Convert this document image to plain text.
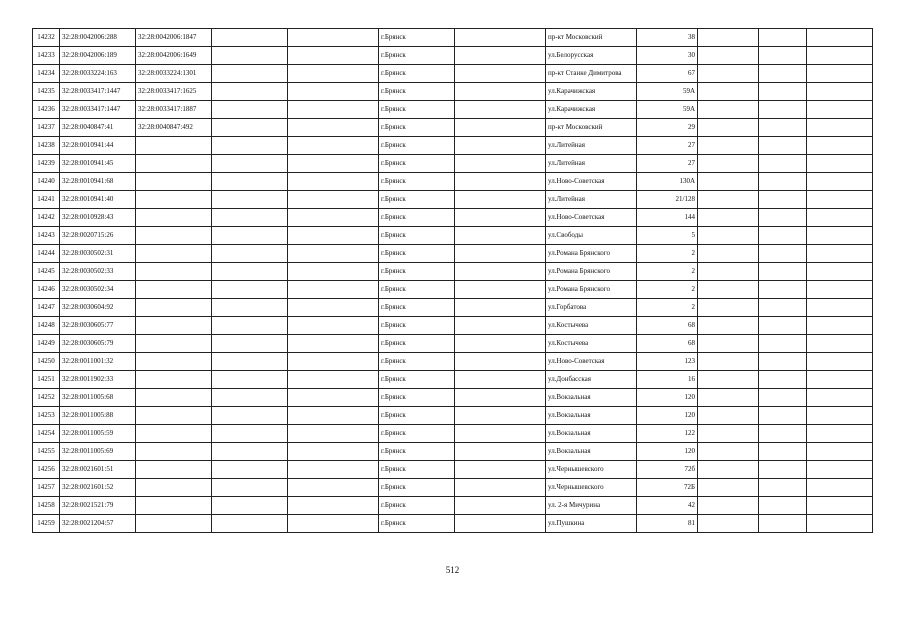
14232	32:28:0042006:288	32:28:0042006:1847			г.Брянск		пр-кт Московский	38			
14233	32:28:0042006:189	32:28:0042006:1649			г.Брянск		ул.Белорусская	30			
14234	32:28:0033224:163	32:28:0033224:1301			г.Брянск		пр-кт Станке Димитрова	67			
14235	32:28:0033417:1447	32:28:0033417:1625			г.Брянск		ул.Карачижская	59А			
14236	32:28:0033417:1447	32:28:0033417:1887			г.Брянск		ул.Карачижская	59А			
14237	32:28:0040847:41	32:28:0040847:492			г.Брянск		пр-кт Московский	29			
14238	32:28:0010941:44				г.Брянск		ул.Литейная	27			
14239	32:28:0010941:45				г.Брянск		ул.Литейная	27			
14240	32:28:0010941:68				г.Брянск		ул.Ново-Советская	130А			
14241	32:28:0010941:40				г.Брянск		ул.Литейная	21/128			
14242	32:28:0010928:43				г.Брянск		ул.Ново-Советская	144			
14243	32:28:0020715:26				г.Брянск		ул.Свободы	5			
14244	32:28:0030502:31				г.Брянск		ул.Романа Брянского	2			
14245	32:28:0030502:33				г.Брянск		ул.Романа Брянского	2			
14246	32:28:0030502:34				г.Брянск		ул.Романа Брянского	2			
14247	32:28:0030604:92				г.Брянск		ул.Горбатова	2			
14248	32:28:0030605:77				г.Брянск		ул.Костычева	68			
14249	32:28:0030605:79				г.Брянск		ул.Костычева	68			
14250	32:28:0011001:32				г.Брянск		ул.Ново-Советская	123			
14251	32:28:0011902:33				г.Брянск		ул.Донбасская	16			
14252	32:28:0011005:68				г.Брянск		ул.Вокзальная	120			
14253	32:28:0011005:88				г.Брянск		ул.Вокзальная	120			
14254	32:28:0011005:59				г.Брянск		ул.Вокзальная	122			
14255	32:28:0011005:69				г.Брянск		ул.Вокзальная	120			
14256	32:28:0021601:51				г.Брянск		ул.Чернышевского	72б			
14257	32:28:0021601:52				г.Брянск		ул.Чернышевского	72Б			
14258	32:28:0021521:79				г.Брянск		ул. 2-я Мичурина	42			
14259	32:28:0021204:57				г.Брянск		ул.Пушкина	81			
512
